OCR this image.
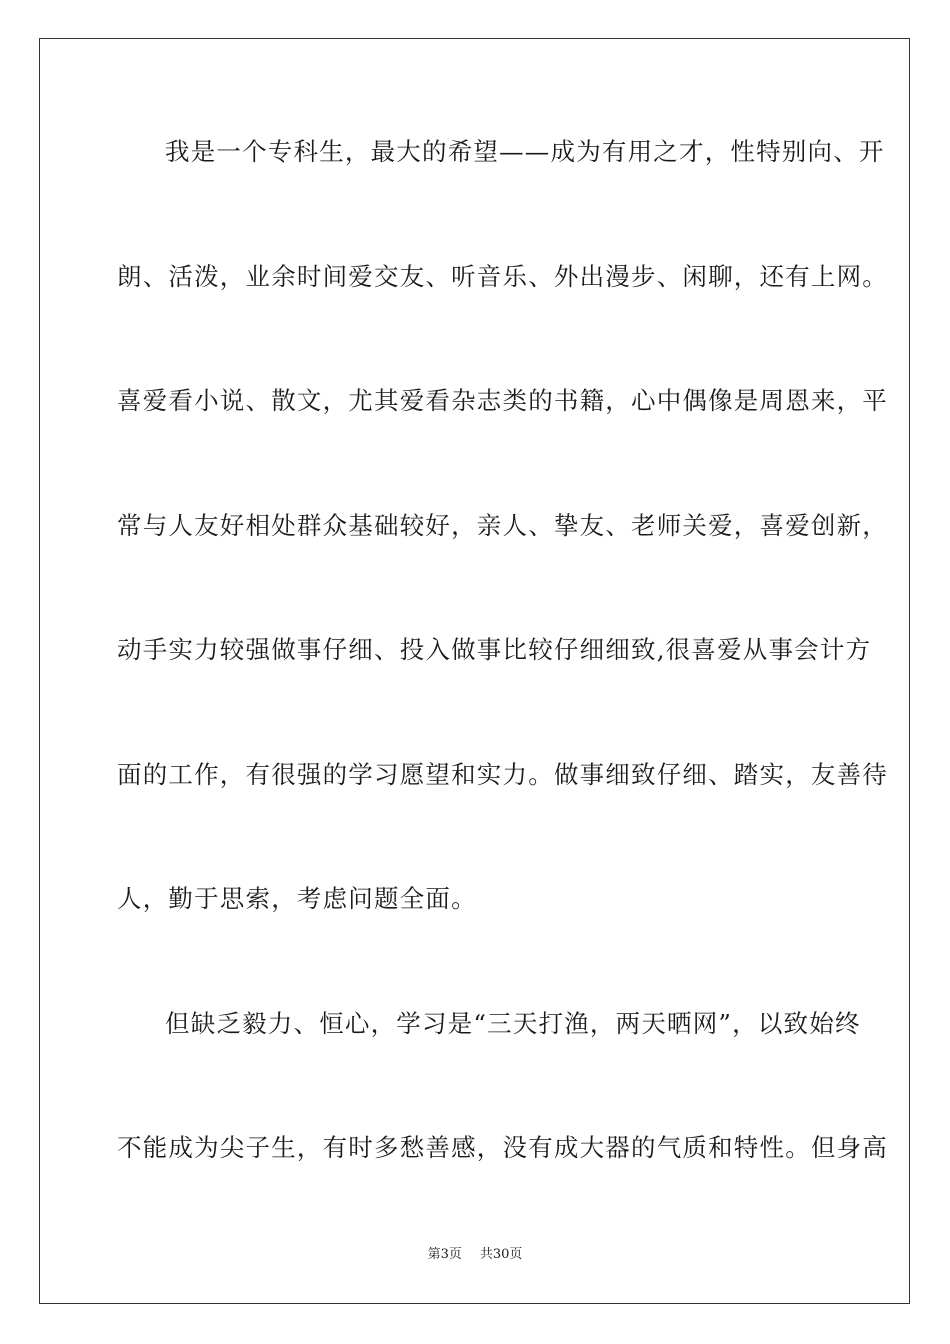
我是一个专科生，最大的希望——成为有用之才，性特别向、开
朗、活泼，业余时间爱交友、听音乐、外出漫步、闲聊，还有上网。
喜爱看小说、散文，尤其爱看杂志类的书籍，心中偶像是周恩来，平
常与人友好相处群众基础较好，亲人、挚友、老师关爱，喜爱创新，
动手实力较强做事仔细、投入做事比较仔细细致,很喜爱从事会计方
面的工作，有很强的学习愿望和实力。做事细致仔细、踏实，友善待
人，勤于思索，考虑问题全面。
但缺乏毅力、恒心，学习是“三天打渔，两天晒网”，以致始终
不能成为尖子生，有时多愁善感，没有成大器的气质和特性。但身高
第3页 共30页
